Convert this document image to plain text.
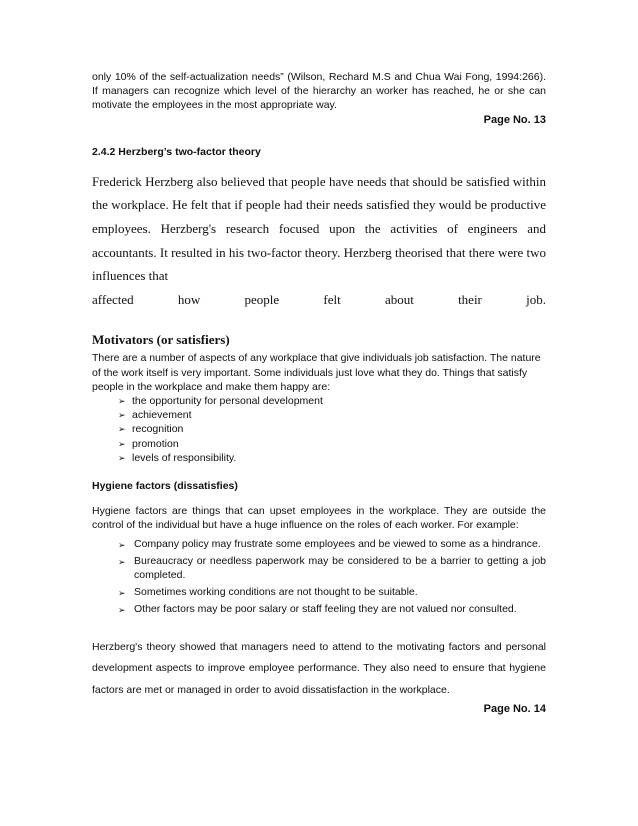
only 10% of the self-actualization needs” (Wilson, Rechard M.S and Chua Wai Fong, 1994:266). If managers can recognize which level of the hierarchy an worker has reached, he or she can motivate the employees in the most appropriate way.

Page No. 13
2.4.2 Herzberg’s two-factor theory

Frederick Herzberg also believed that people have needs that should be satisfied within the workplace. He felt that if people had their needs satisfied they would be productive employees. Herzberg's research focused upon the activities of engineers and accountants. It resulted in his two-factor theory. Herzberg theorised that there were two influences that

affected	how	people	felt	about	their	job.
Motivators (or satisfiers)

There are a number of aspects of any workplace that give individuals job satisfaction. The nature of the work itself is very important. Some individuals just love what they do. Things that satisfy people in the workplace and make them happy are:

➢ the opportunity for personal development
➢ achievement
➢ recognition
➢ promotion
➢ levels of responsibility.
Hygiene factors (dissatisfies)

Hygiene factors are things that can upset employees in the workplace. They are outside the control of the individual but have a huge influence on the roles of each worker. For example:

➢ Company policy may frustrate some employees and be viewed to some as a hindrance.
➢ Bureaucracy or needless paperwork may be considered to be a barrier to getting a job completed.
➢ Sometimes working conditions are not thought to be suitable.
➢ Other factors may be poor salary or staff feeling they are not valued nor consulted.

Herzberg's theory showed that managers need to attend to the motivating factors and personal development aspects to improve employee performance. They also need to ensure that hygiene factors are met or managed in order to avoid dissatisfaction in the workplace.

Page No. 14
